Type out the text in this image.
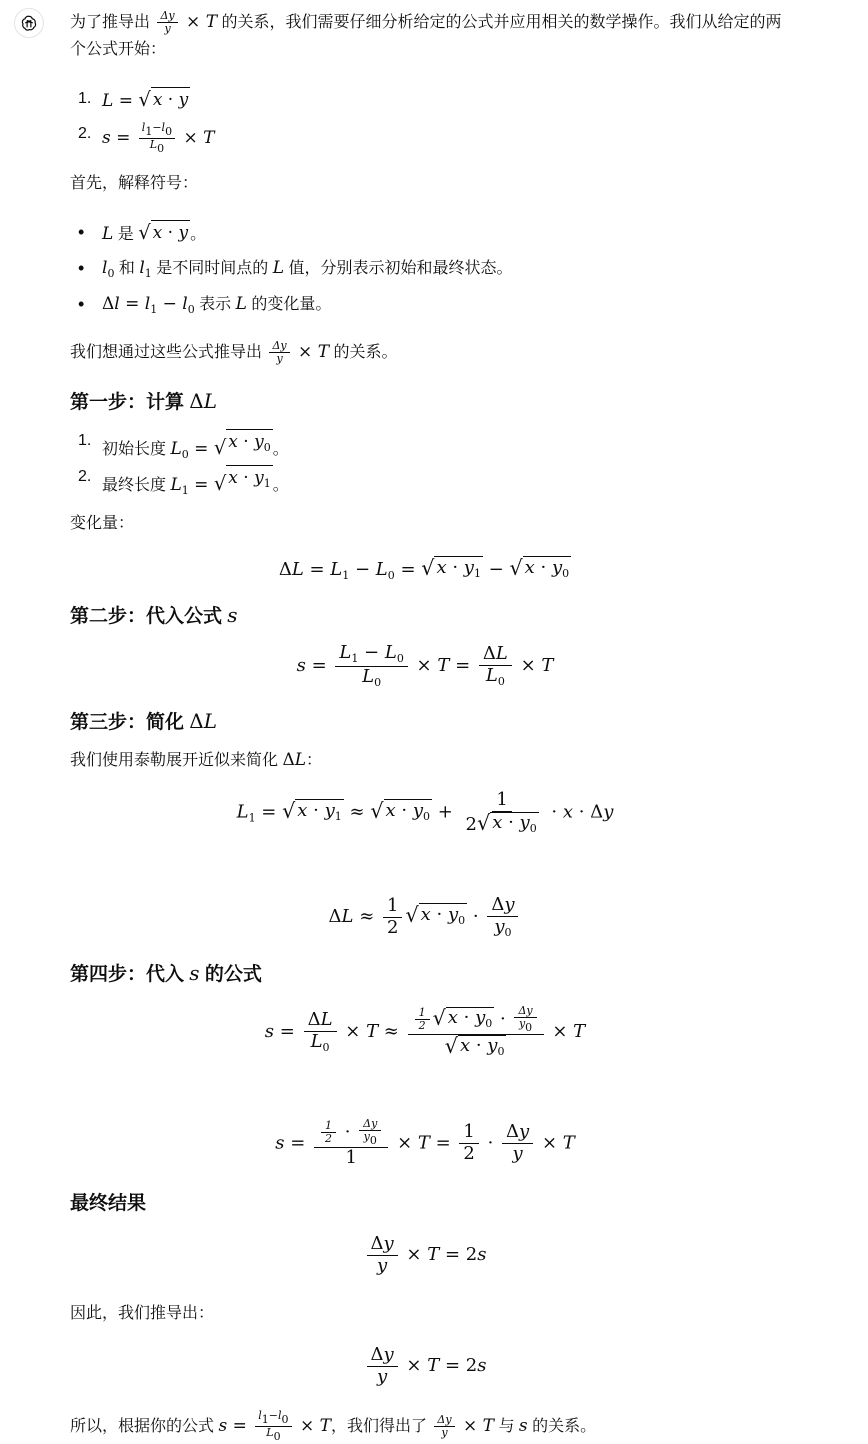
为了推导出 $\frac{\Delta y}{y} \times T$ 的关系，我们需要仔细分析给定的公式并应用相关的数学操作。我们从给定的两
个公式开始：
1. L = √ x · y
2. $s = \frac{l1-l0}{L0} \times T$
首先，解释符号：
• L 是 √ x · y 。
• $l_0$ 和 $l_1$ 是不同时间点的 L 值，分别表示初始和最终状态。
• $\Delta l = l_1 - l_0$ 表示 L 的变化量。
我们想通过这些公式推导出 $\frac{\Delta y}{y} \times T$ 的关系。
第一步：计算 ΔL
1.
初始长度 $L_0$ = √ $x \cdot y_0$ 。
2.
最终长度 $L_1$ = √ $x \cdot y_1$ 。
变化量：
$\Delta L = L_1 - L_0$ = √ $x \cdot y_1$ − √ $x \cdot y_0$
第二步：代入公式 s
$s = \frac{L_1 - L_0}{L_0} \times T = \frac{\Delta L}{L_0} \times T$
第三步：简化 ΔL
我们使用泰勒展开近似来简化 ΔL：
$L_1$ = √ $x \cdot y_1$ ≈ √ $x \cdot y_0 + \frac{1}{2 √ x \cdot y_0} \cdot x \cdot \Delta y$
$\Delta L \approx \frac{1}{2}$ √ $x \cdot y_0 \cdot \frac{\Delta y}{y_0}$
第四步：代入 s 的公式
$s = \frac{\Delta L}{L_0} \times T \approx \frac{\frac{1}{2} √ x \cdot y_0 \cdot \frac{\Delta y}{y0}}{√ x \cdot y_0} \times T$
$s = \frac{\frac{1}{2} \cdot \frac{\Delta y}{y0}}{1} \times T = \frac{1}{2} \cdot \frac{\Delta y}{y} \times T$
最终结果
$\frac{\Delta y}{y} \times T = 2s$
因此，我们推导出：
$\frac{\Delta y}{y} \times T = 2s$
所以，根据你的公式 $s = \frac{l1-l0}{L0} \times T$，我们得出了 $\frac{\Delta y}{y} \times T$ 与 s 的关系。
